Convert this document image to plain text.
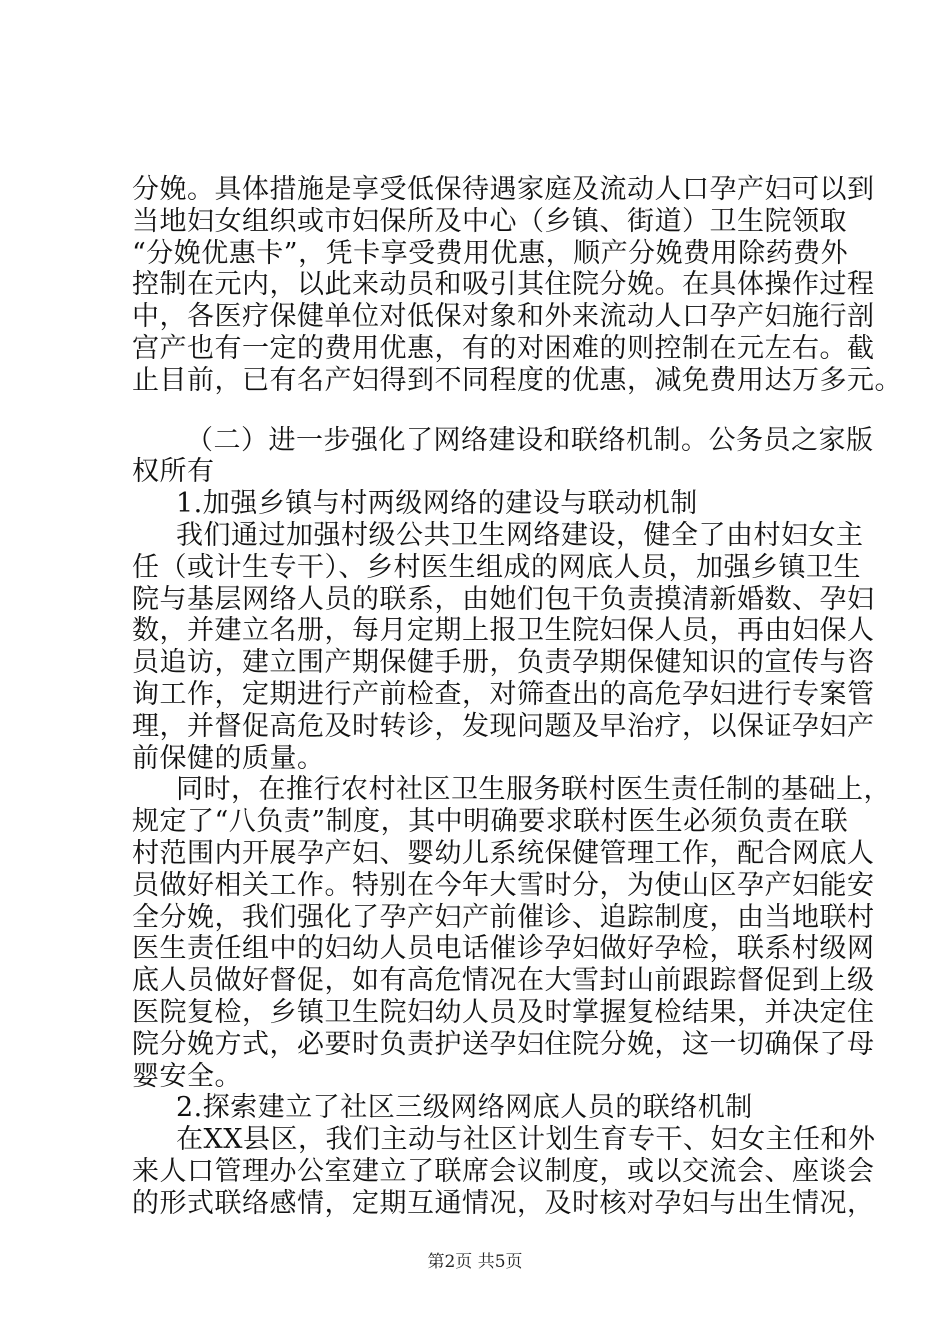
分娩。具体措施是享受低保待遇家庭及流动人口孕产妇可以到
当地妇女组织或市妇保所及中心（乡镇、街道）卫生院领取
“分娩优惠卡”，凭卡享受费用优惠，顺产分娩费用除药费外
控制在元内，以此来动员和吸引其住院分娩。在具体操作过程
中，各医疗保健单位对低保对象和外来流动人口孕产妇施行剖
宫产也有一定的费用优惠，有的对困难的则控制在元左右。截
止目前，已有名产妇得到不同程度的优惠，减免费用达万多元。
（二）进一步强化了网络建设和联络机制。公务员之家版
权所有
1.加强乡镇与村两级网络的建设与联动机制
我们通过加强村级公共卫生网络建设，健全了由村妇女主
任（或计生专干）、乡村医生组成的网底人员，加强乡镇卫生
院与基层网络人员的联系，由她们包干负责摸清新婚数、孕妇
数，并建立名册，每月定期上报卫生院妇保人员，再由妇保人
员追访，建立围产期保健手册，负责孕期保健知识的宣传与咨
询工作，定期进行产前检查，对筛查出的高危孕妇进行专案管
理，并督促高危及时转诊，发现问题及早治疗，以保证孕妇产
前保健的质量。
同时，在推行农村社区卫生服务联村医生责任制的基础上，
规定了“八负责”制度，其中明确要求联村医生必须负责在联
村范围内开展孕产妇、婴幼儿系统保健管理工作，配合网底人
员做好相关工作。特别在今年大雪时分，为使山区孕产妇能安
全分娩，我们强化了孕产妇产前催诊、追踪制度，由当地联村
医生责任组中的妇幼人员电话催诊孕妇做好孕检，联系村级网
底人员做好督促，如有高危情况在大雪封山前跟踪督促到上级
医院复检，乡镇卫生院妇幼人员及时掌握复检结果，并决定住
院分娩方式，必要时负责护送孕妇住院分娩，这一切确保了母
婴安全。
2.探索建立了社区三级网络网底人员的联络机制
在XX县区，我们主动与社区计划生育专干、妇女主任和外
来人口管理办公室建立了联席会议制度，或以交流会、座谈会
的形式联络感情，定期互通情况，及时核对孕妇与出生情况，
第2页 共5页
